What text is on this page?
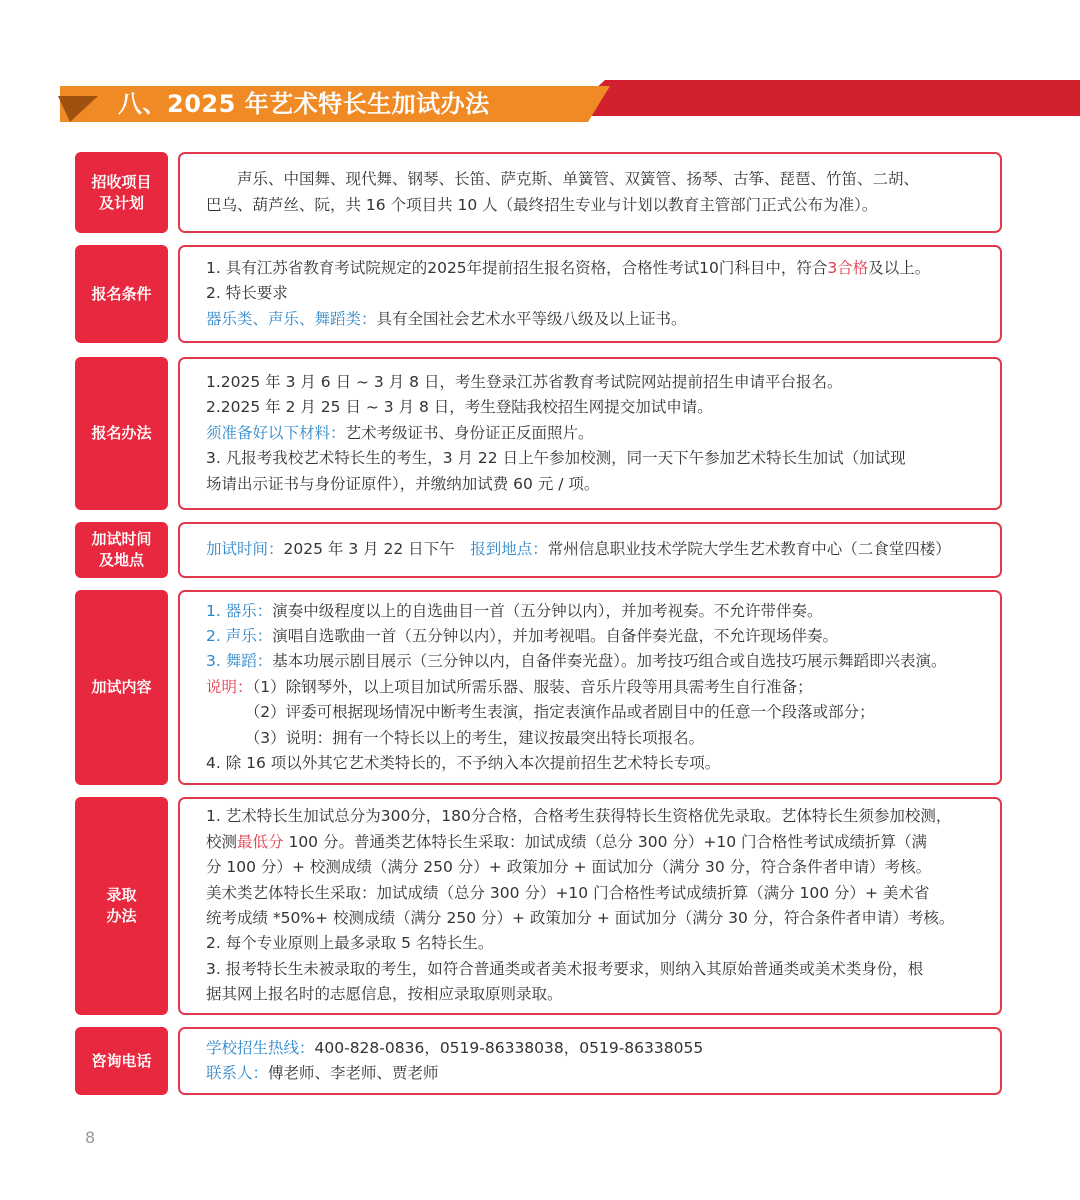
八、2025 年艺术特长生加试办法
招收项目
及计划
　　声乐、中国舞、现代舞、钢琴、长笛、萨克斯、单簧管、双簧管、扬琴、古筝、琵琶、竹笛、二胡、
巴乌、葫芦丝、阮，共 16 个项目共 10 人（最终招生专业与计划以教育主管部门正式公布为准）。
报名条件
1. 具有江苏省教育考试院规定的2025年提前招生报名资格，合格性考试10门科目中，符合3合格及以上。
2. 特长要求
器乐类、声乐、舞蹈类：具有全国社会艺术水平等级八级及以上证书。
报名办法
1.2025 年 3 月 6 日 ~ 3 月 8 日，考生登录江苏省教育考试院网站提前招生申请平台报名。
2.2025 年 2 月 25 日 ~ 3 月 8 日，考生登陆我校招生网提交加试申请。
须准备好以下材料：艺术考级证书、身份证正反面照片。
3. 凡报考我校艺术特长生的考生，3 月 22 日上午参加校测，同一天下午参加艺术特长生加试（加试现
场请出示证书与身份证原件），并缴纳加试费 60 元 / 项。
加试时间
及地点
加试时间：2025 年 3 月 22 日下午　报到地点：常州信息职业技术学院大学生艺术教育中心（二食堂四楼）
加试内容
1. 器乐：演奏中级程度以上的自选曲目一首（五分钟以内），并加考视奏。不允许带伴奏。
2. 声乐：演唱自选歌曲一首（五分钟以内），并加考视唱。自备伴奏光盘，不允许现场伴奏。
3. 舞蹈：基本功展示剧目展示（三分钟以内，自备伴奏光盘）。加考技巧组合或自选技巧展示舞蹈即兴表演。
说明：（1）除钢琴外，以上项目加试所需乐器、服装、音乐片段等用具需考生自行准备；
　　　（2）评委可根据现场情况中断考生表演，指定表演作品或者剧目中的任意一个段落或部分；
　　　（3）说明：拥有一个特长以上的考生，建议按最突出特长项报名。
4. 除 16 项以外其它艺术类特长的，不予纳入本次提前招生艺术特长专项。
录取
办法
1. 艺术特长生加试总分为300分，180分合格，合格考生获得特长生资格优先录取。艺体特长生须参加校测，
校测最低分 100 分。普通类艺体特长生采取：加试成绩（总分 300 分）+10 门合格性考试成绩折算（满
分 100 分）+ 校测成绩（满分 250 分）+ 政策加分 + 面试加分（满分 30 分，符合条件者申请）考核。
美术类艺体特长生采取：加试成绩（总分 300 分）+10 门合格性考试成绩折算（满分 100 分）+ 美术省
统考成绩 *50%+ 校测成绩（满分 250 分）+ 政策加分 + 面试加分（满分 30 分，符合条件者申请）考核。
2. 每个专业原则上最多录取 5 名特长生。
3. 报考特长生未被录取的考生，如符合普通类或者美术报考要求，则纳入其原始普通类或美术类身份，根
据其网上报名时的志愿信息，按相应录取原则录取。
咨询电话
学校招生热线：400-828-0836，0519-86338038，0519-86338055
联系人：傅老师、李老师、贾老师
8
